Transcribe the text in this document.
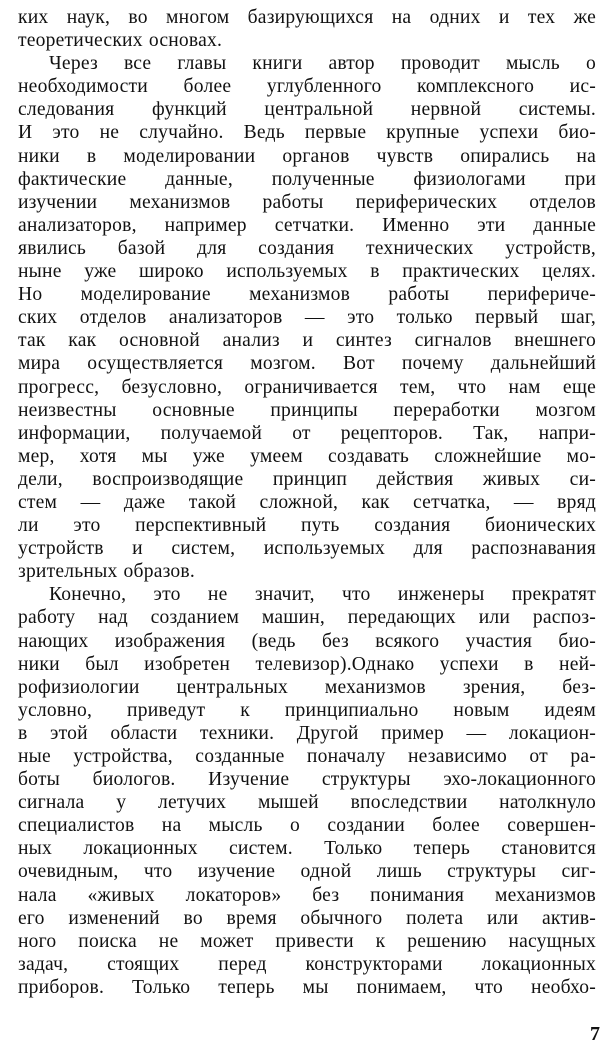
ких наук, во многом базирующихся на одних и тех же
теоретических основах.
Через все главы книги автор проводит мысль о
необходимости более углубленного комплексного ис-
следования функций центральной нервной системы.
И это не случайно. Ведь первые крупные успехи био-
ники в моделировании органов чувств опирались на
фактические данные, полученные физиологами при
изучении механизмов работы периферических отделов
анализаторов, например сетчатки. Именно эти данные
явились базой для создания технических устройств,
ныне уже широко используемых в практических целях.
Но моделирование механизмов работы перифериче-
ских отделов анализаторов — это только первый шаг,
так как основной анализ и синтез сигналов внешнего
мира осуществляется мозгом. Вот почему дальнейший
прогресс, безусловно, ограничивается тем, что нам еще
неизвестны основные принципы переработки мозгом
информации, получаемой от рецепторов. Так, напри-
мер, хотя мы уже умеем создавать сложнейшие мо-
дели, воспроизводящие принцип действия живых си-
стем — даже такой сложной, как сетчатка, — вряд
ли это перспективный путь создания бионических
устройств и систем, используемых для распознавания
зрительных образов.
Конечно, это не значит, что инженеры прекратят
работу над созданием машин, передающих или распоз-
нающих изображения (ведь без всякого участия био-
ники был изобретен телевизор).Однако успехи в ней-
рофизиологии центральных механизмов зрения, без-
условно, приведут к принципиально новым идеям
в этой области техники. Другой пример — локацион-
ные устройства, созданные поначалу независимо от ра-
боты биологов. Изучение структуры эхо-локационного
сигнала у летучих мышей впоследствии натолкнуло
специалистов на мысль о создании более совершен-
ных локационных систем. Только теперь становится
очевидным, что изучение одной лишь структуры сиг-
нала «живых локаторов» без понимания механизмов
его изменений во время обычного полета или актив-
ного поиска не может привести к решению насущных
задач, стоящих перед конструкторами локационных
приборов. Только теперь мы понимаем, что необхо-
7
